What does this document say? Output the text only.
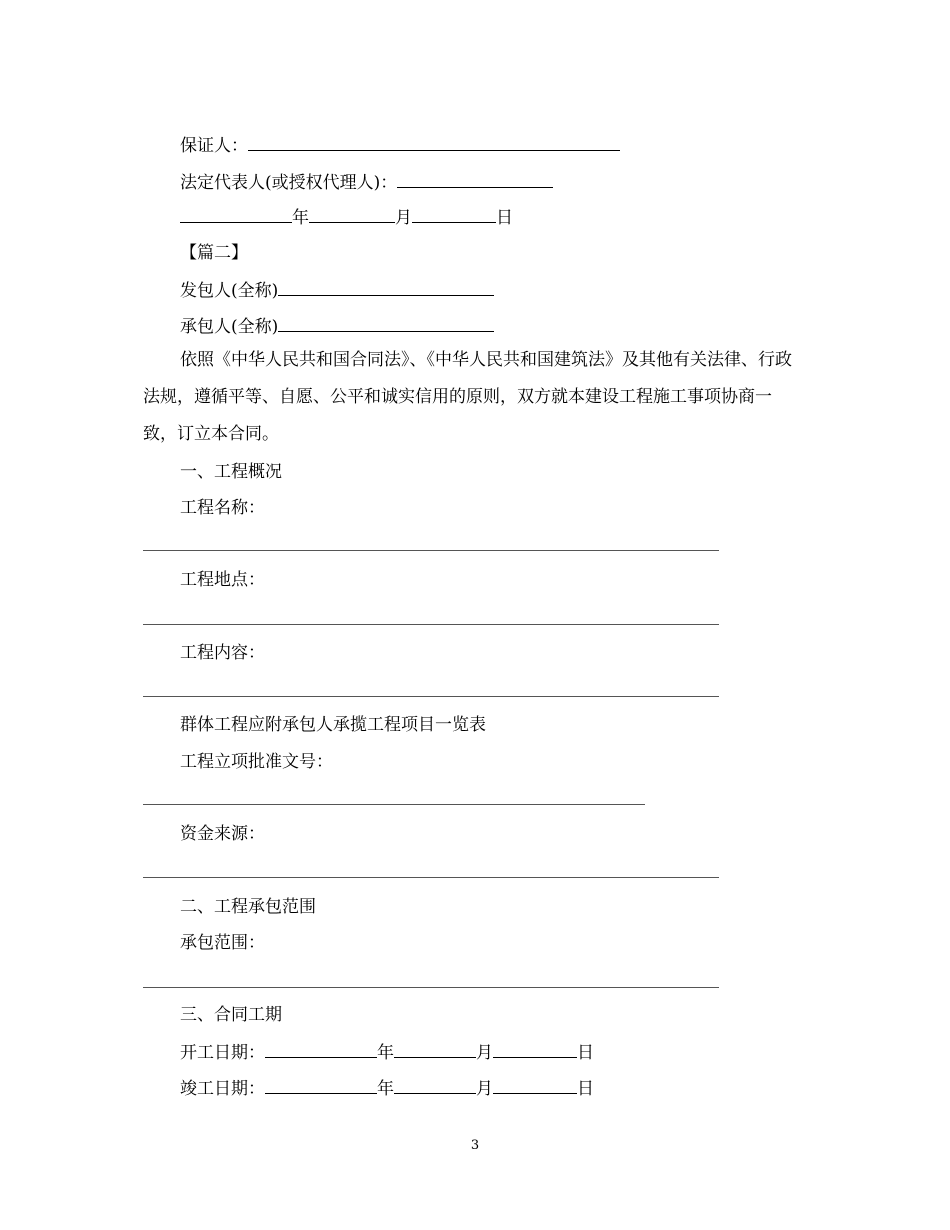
保证人：
法定代表人(或授权代理人)：
年	月	日
【篇二】
发包人(全称)
承包人(全称)
依照《中华人民共和国合同法》、《中华人民共和国建筑法》及其他有关法律、行政法规，遵循平等、自愿、公平和诚实信用的原则，双方就本建设工程施工事项协商一致，订立本合同。
一、工程概况
工程名称：
工程地点：
工程内容：
群体工程应附承包人承揽工程项目一览表
工程立项批准文号：
资金来源：
二、工程承包范围
承包范围：
三、合同工期
开工日期：	年	月	日
竣工日期：	年	月	日
3
